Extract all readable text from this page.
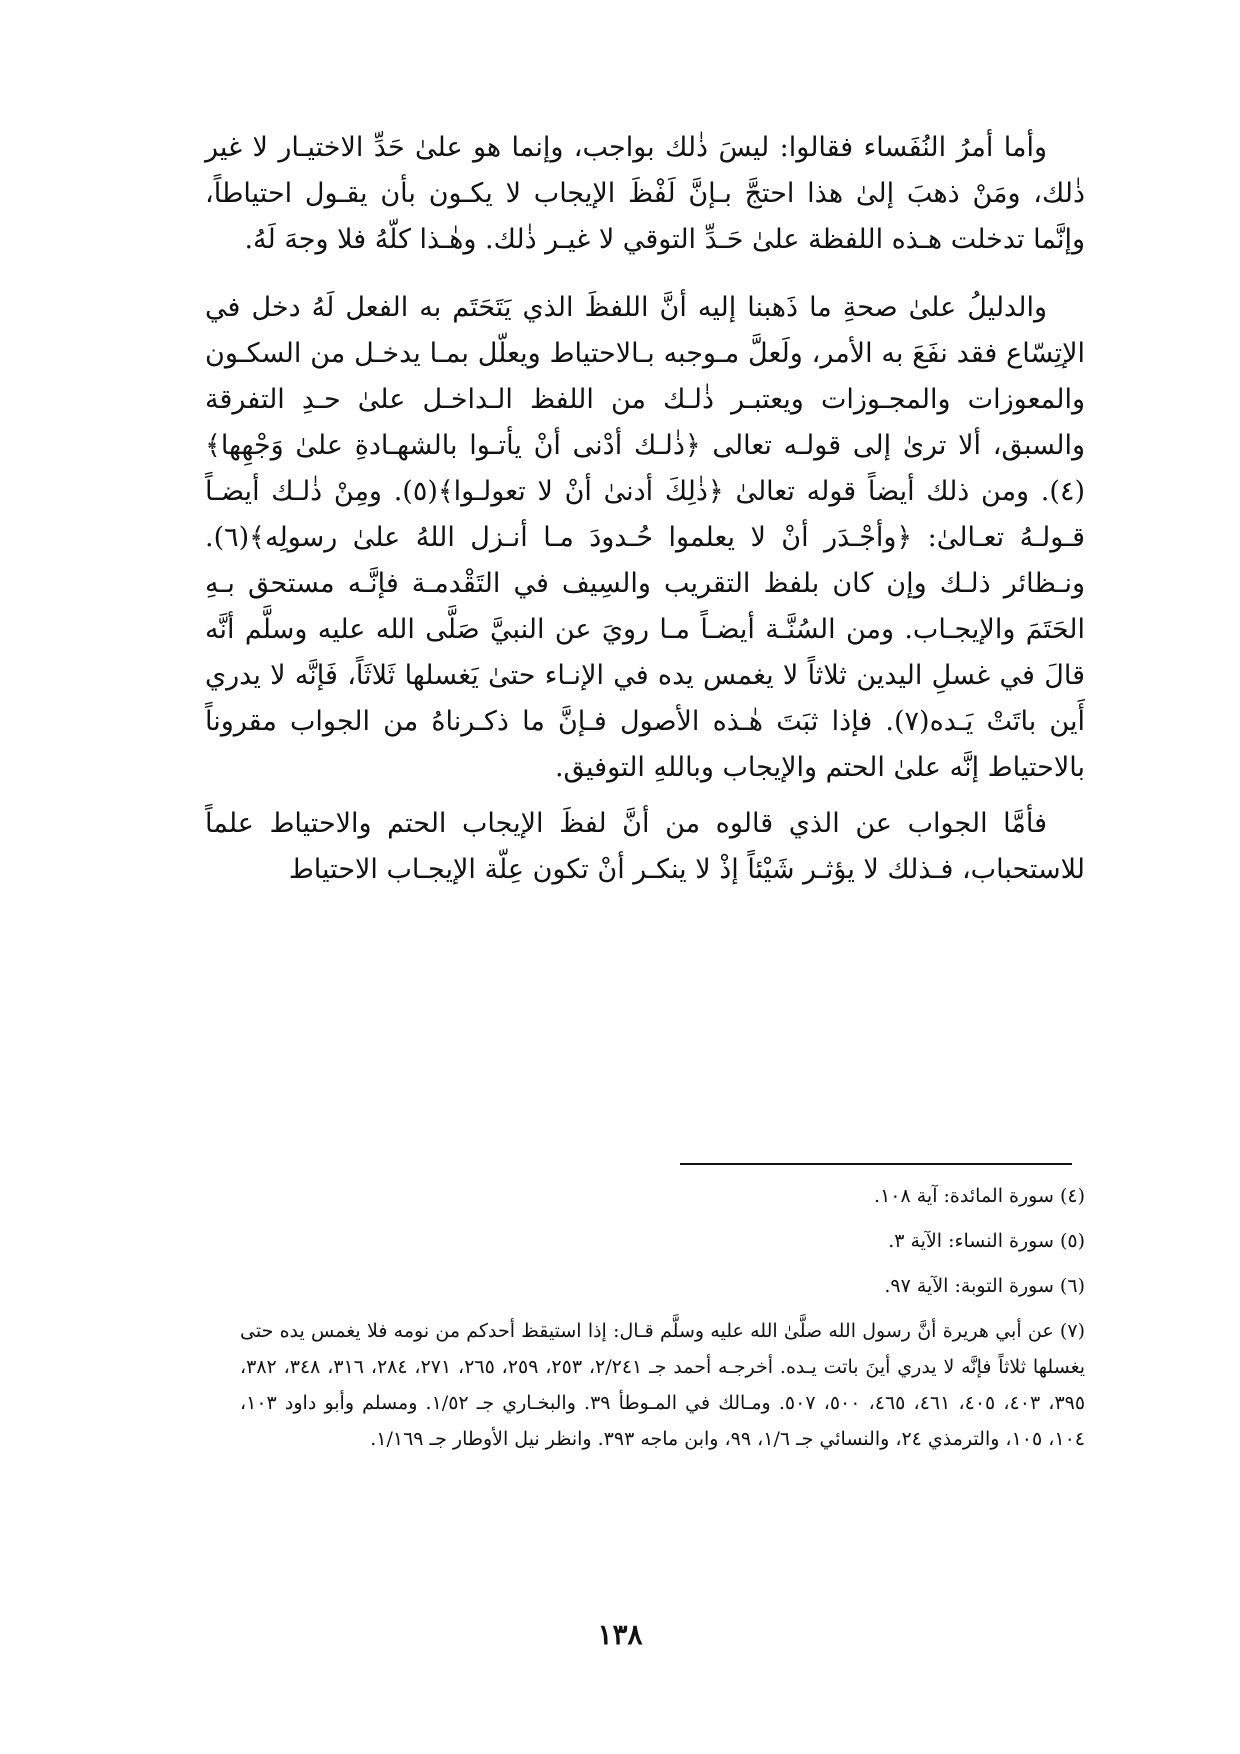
وأما أمرُ النُفَساء فقالوا: ليسَ ذٰلك بواجب، وإنما هو علىٰ حَدِّ الاختيـار لا غير ذٰلك، ومَنْ ذهبَ إلىٰ هذا احتجَّ بـإنَّ لَفْظَ الإيجاب لا يكـون بأن يقـول احتياطاً، وإنَّما تدخلت هـذه اللفظة علىٰ حَـدِّ التوقي لا غيـر ذٰلك. وهٰـذا كلّهُ فلا وجهَ لَهُ.

والدليلُ علىٰ صحةِ ما ذَهبنا إليه أنَّ اللفظَ الذي يَتَحَتَم به الفعل لَهُ دخل في الإتِسّاع فقد نفَعَ به الأمر، ولَعلَّ مـوجبه بـالاحتياط ويعلّل بمـا يدخـل من السكـون والمعوزات والمجـوزات ويعتبـر ذٰلـك من اللفظ الـداخـل علىٰ حـدِ التفرقة والسبق، ألا ترىٰ إلى قولـه تعالى ﴿ذٰلـك أدْنى أنْ يأتـوا بالشهـادةِ علىٰ وَجْهِها﴾(٤). ومن ذلك أيضاً قوله تعالىٰ ﴿ذٰلِكَ أدنىٰ أنْ لا تعولـوا﴾(٥). ومِنْ ذٰلـك أيضـاً قـولـهُ تعـالىٰ: ﴿وأجْـدَر أنْ لا يعلموا حُـدودَ مـا أنـزل اللهُ علىٰ رسولِه﴾(٦). ونـظائر ذلـك وإن كان بلفظ التقريب والسِيف في التَقْدمـة فإنَّـه مستحق بـهِ الحَتَمَ والإيجـاب. ومن السُنَّـة أيضـاً مـا رويَ عن النبيَّ صَلَّى الله عليه وسلَّم أنَّه قالَ في غسلِ اليدين ثلاثاً لا يغمس يده في الإنـاء حتىٰ يَغسلها ثَلاثَاً، فَإنَّه لا يدري أَين باتَتْ يَـده(٧). فإذا ثبَتَ هٰـذه الأصول فـإنَّ ما ذكـرناهُ من الجواب مقروناً بالاحتياط إنَّه علىٰ الحتم والإيجاب وباللهِ التوفيق.

فأمَّا الجواب عن الذي قالوه من أنَّ لفظَ الإيجاب الحتم والاحتياط علماً للاستحباب، فـذلك لا يؤثـر شَيْئاً إذْ لا ينكـر أنْ تكون عِلّة الإيجـاب الاحتياط

(٤) سورة المائدة: آية ١٠٨.

(٥) سورة النساء: الآية ٣.

(٦) سورة التوبة: الآية ٩٧.

(٧) عن أبي هريرة أنَّ رسول الله صلَّىٰ الله عليه وسلَّم قـال: إذا استيقظ أحدكم من نومه فلا يغمس يده حتى يغسلها ثلاثاً فإنَّه لا يدري أينَ باتت يـده. أخرجـه أحمد جـ ٢/٢٤١، ٢٥٣، ٢٥٩، ٢٦٥، ٢٧١، ٢٨٤، ٣١٦، ٣٤٨، ٣٨٢، ٣٩٥، ٤٠٣، ٤٠٥، ٤٦١، ٤٦٥، ٥٠٠، ٥٠٧. ومـالك في المـوطأ ٣٩. والبخـاري جـ ١/٥٢. ومسلم وأبو داود ١٠٣، ١٠٤، ١٠٥، والترمذي ٢٤، والنسائي جـ ١/٦، ٩٩، وابن ماجه ٣٩٣. وانظر نيل الأوطار جـ ١/١٦٩.

١٣٨
